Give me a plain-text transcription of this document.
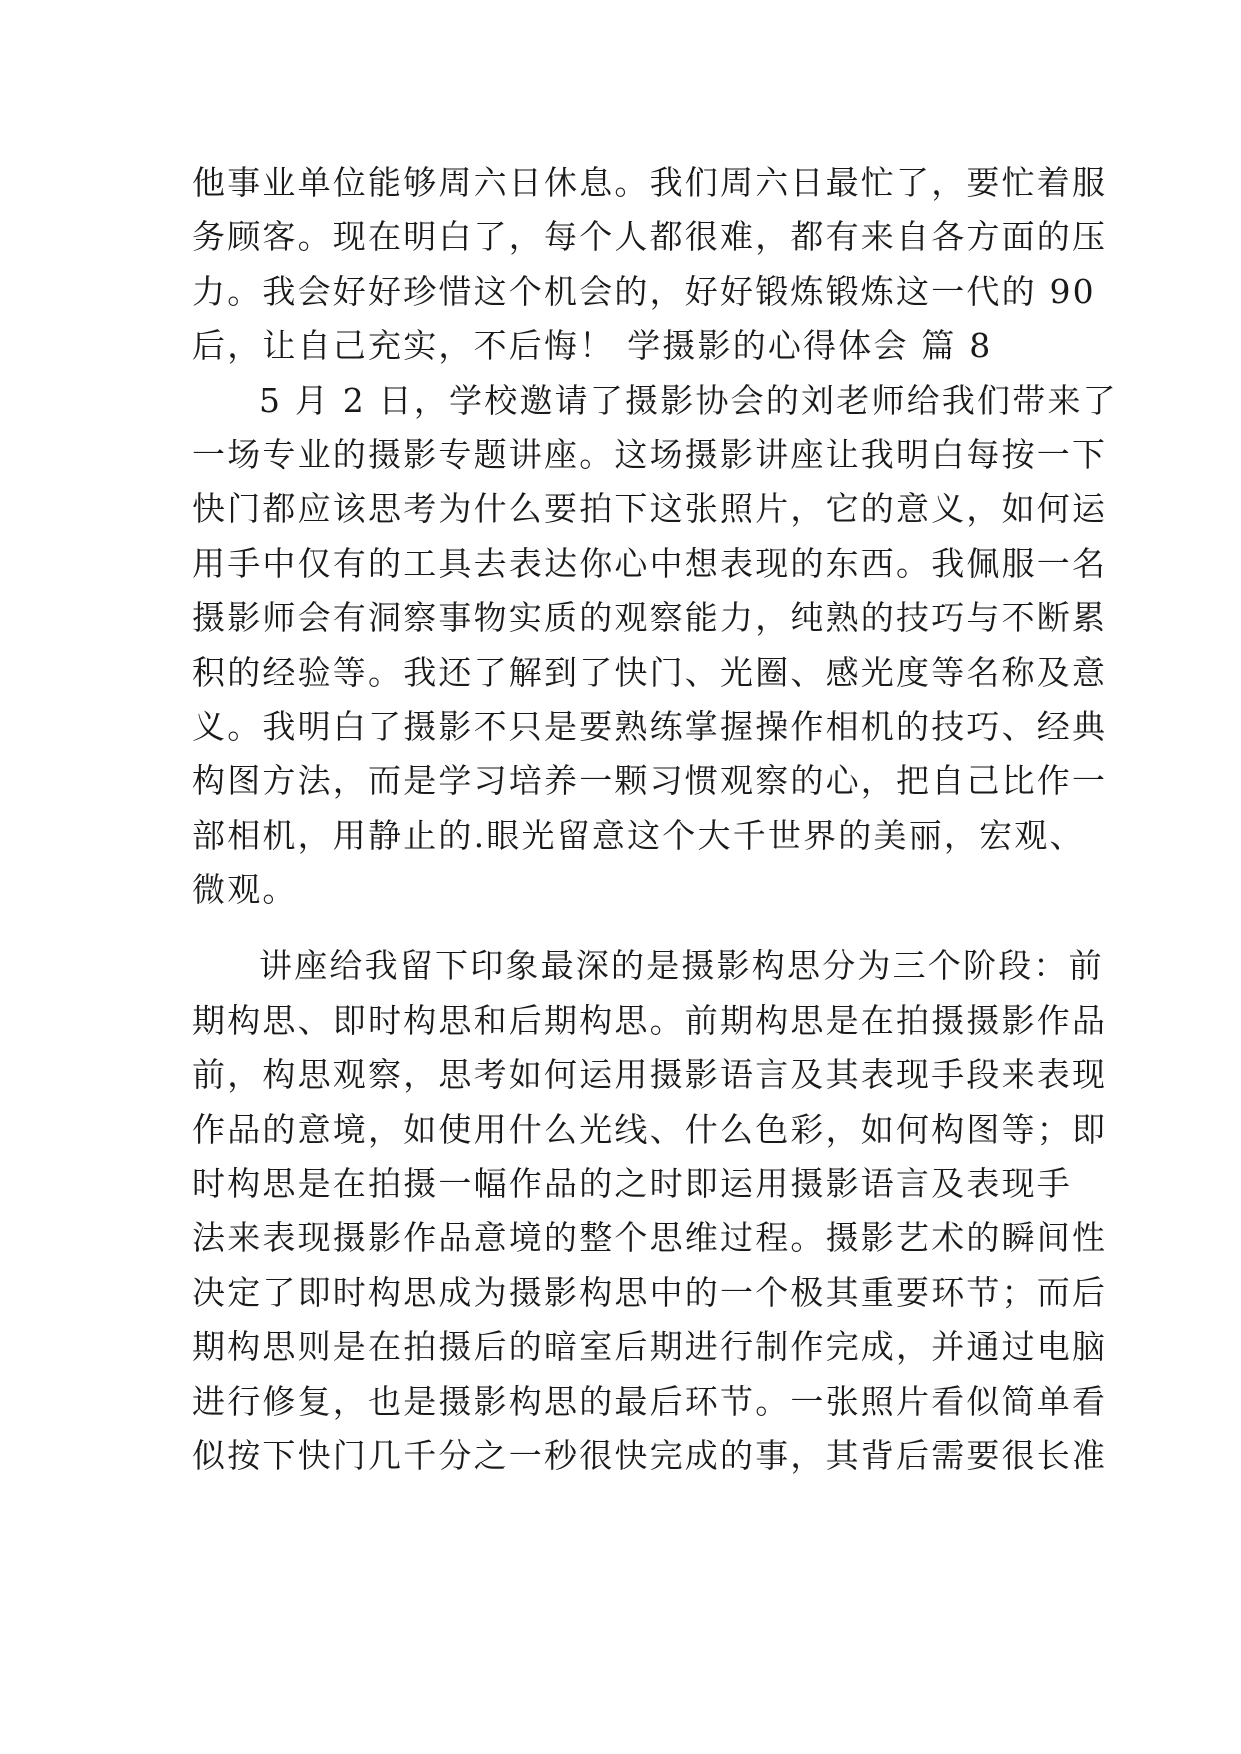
他事业单位能够周六日休息。我们周六日最忙了，要忙着服
务顾客。现在明白了，每个人都很难，都有来自各方面的压
力。我会好好珍惜这个机会的，好好锻炼锻炼这一代的 90
后，让自己充实，不后悔！ 学摄影的心得体会 篇 8
5 月 2 日，学校邀请了摄影协会的刘老师给我们带来了
一场专业的摄影专题讲座。这场摄影讲座让我明白每按一下
快门都应该思考为什么要拍下这张照片，它的意义，如何运
用手中仅有的工具去表达你心中想表现的东西。我佩服一名
摄影师会有洞察事物实质的观察能力，纯熟的技巧与不断累
积的经验等。我还了解到了快门、光圈、感光度等名称及意
义。我明白了摄影不只是要熟练掌握操作相机的技巧、经典
构图方法，而是学习培养一颗习惯观察的心，把自己比作一
部相机，用静止的.眼光留意这个大千世界的美丽，宏观、
微观。
讲座给我留下印象最深的是摄影构思分为三个阶段：前
期构思、即时构思和后期构思。前期构思是在拍摄摄影作品
前，构思观察，思考如何运用摄影语言及其表现手段来表现
作品的意境，如使用什么光线、什么色彩，如何构图等；即
时构思是在拍摄一幅作品的之时即运用摄影语言及表现手
法来表现摄影作品意境的整个思维过程。摄影艺术的瞬间性
决定了即时构思成为摄影构思中的一个极其重要环节；而后
期构思则是在拍摄后的暗室后期进行制作完成，并通过电脑
进行修复，也是摄影构思的最后环节。一张照片看似简单看
似按下快门几千分之一秒很快完成的事，其背后需要很长准
